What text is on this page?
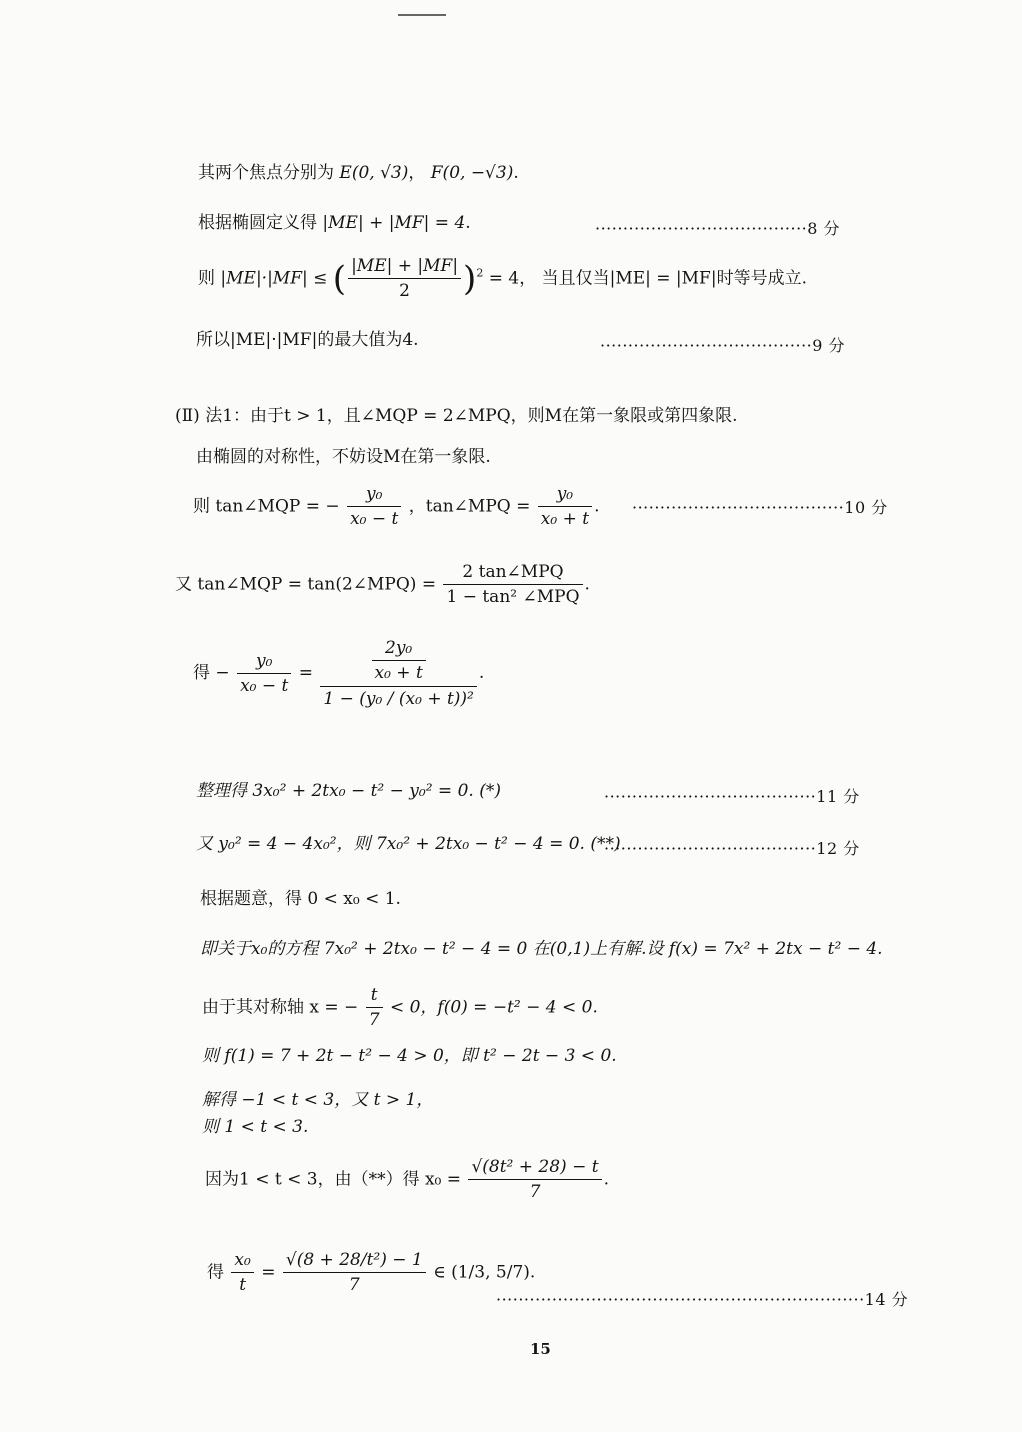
其两个焦点分别为 E(0, √3)， F(0, −√3).
根据椭圆定义得 |ME| + |MF| = 4.	······································8 分
则 |ME|·|MF| ≤ ( $\frac{|ME| + |MF|}{2} )^2 = 4$， 当且仅当|ME| = |MF|时等号成立.
所以|ME|·|MF|的最大值为4.	······································9 分
(Ⅱ) 法1：由于t > 1，且∠MQP = 2∠MPQ，则M在第一象限或第四象限.
由椭圆的对称性，不妨设M在第一象限.
则 tan∠MQP = − $\frac{\text{y₀}}{\text{x₀ − t}}$ ，tan∠MPQ = $\frac{\text{y₀}}{\text{x₀ + t}}$ . ······································10 分
又 tan∠MQP = tan(2∠MPQ) = $\frac{\text{2 tan∠MPQ}}{\text{1 − tan² ∠MPQ}}$ .
得 − $\frac{\text{y₀}}{\text{x₀ − t}} = \frac{\frac{\text{2y₀}}{\text{x₀ + t}}}{\text{1 − (y₀ / (x₀ + t))²}}$ .
整理得 3x₀² + 2tx₀ − t² − y₀² = 0. (*)	······································11 分
又 y₀² = 4 − 4x₀²，则 7x₀² + 2tx₀ − t² − 4 = 0. (**)
······································12 分
根据题意，得 0 < x₀ < 1.
即关于x₀的方程 7x₀² + 2tx₀ − t² − 4 = 0 在(0,1)上有解.设 f(x) = 7x² + 2tx − t² − 4.
由于其对称轴 x = − $\frac{t}{7} < 0$，f(0) = −t² − 4 < 0.
则 f(1) = 7 + 2t − t² − 4 > 0，即 t² − 2t − 3 < 0.
解得 −1 < t < 3，又 t > 1，
则 1 < t < 3.
因为1 < t < 3，由（**）得 $x_0 = \frac{\text{√(8t² + 28) − t}}{7}$ .
得 $\frac{\text{x₀}}{t} = \frac{\text{√(8 + 28/t²) − 1}}{7}$ ∈ (1/3, 5/7).
··································································14 分
15
